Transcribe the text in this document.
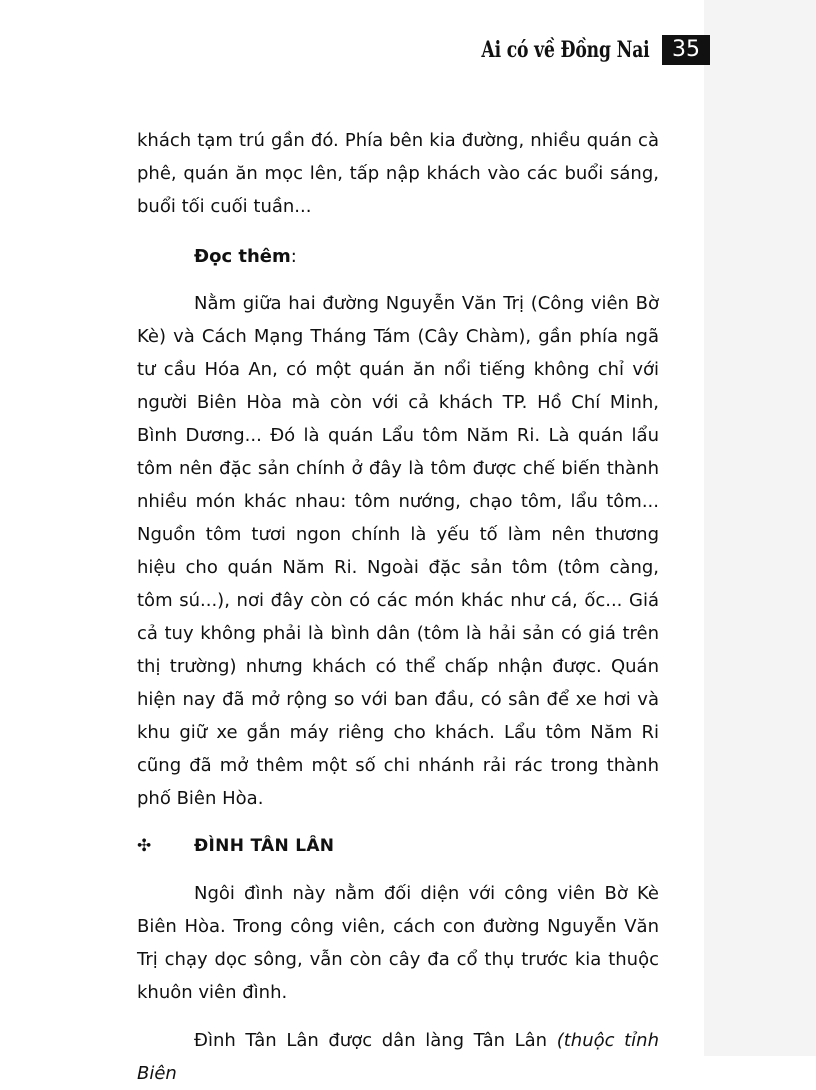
Ai có về Đồng Nai	35

khách tạm trú gần đó. Phía bên kia đường, nhiều quán cà phê, quán ăn mọc lên, tấp nập khách vào các buổi sáng, buổi tối cuối tuần...

Đọc thêm:

Nằm giữa hai đường Nguyễn Văn Trị (Công viên Bờ Kè) và Cách Mạng Tháng Tám (Cây Chàm), gần phía ngã tư cầu Hóa An, có một quán ăn nổi tiếng không chỉ với người Biên Hòa mà còn với cả khách TP. Hồ Chí Minh, Bình Dương... Đó là quán Lẩu tôm Năm Ri. Là quán lẩu tôm nên đặc sản chính ở đây là tôm được chế biến thành nhiều món khác nhau: tôm nướng, chạo tôm, lẩu tôm... Nguồn tôm tươi ngon chính là yếu tố làm nên thương hiệu cho quán Năm Ri. Ngoài đặc sản tôm (tôm càng, tôm sú...), nơi đây còn có các món khác như cá, ốc... Giá cả tuy không phải là bình dân (tôm là hải sản có giá trên thị trường) nhưng khách có thể chấp nhận được. Quán hiện nay đã mở rộng so với ban đầu, có sân để xe hơi và khu giữ xe gắn máy riêng cho khách. Lẩu tôm Năm Ri cũng đã mở thêm một số chi nhánh rải rác trong thành phố Biên Hòa.

✣	ĐÌNH TÂN LÂN

Ngôi đình này nằm đối diện với công viên Bờ Kè Biên Hòa. Trong công viên, cách con đường Nguyễn Văn Trị chạy dọc sông, vẫn còn cây đa cổ thụ trước kia thuộc khuôn viên đình.

Đình Tân Lân được dân làng Tân Lân (thuộc tỉnh Biên
